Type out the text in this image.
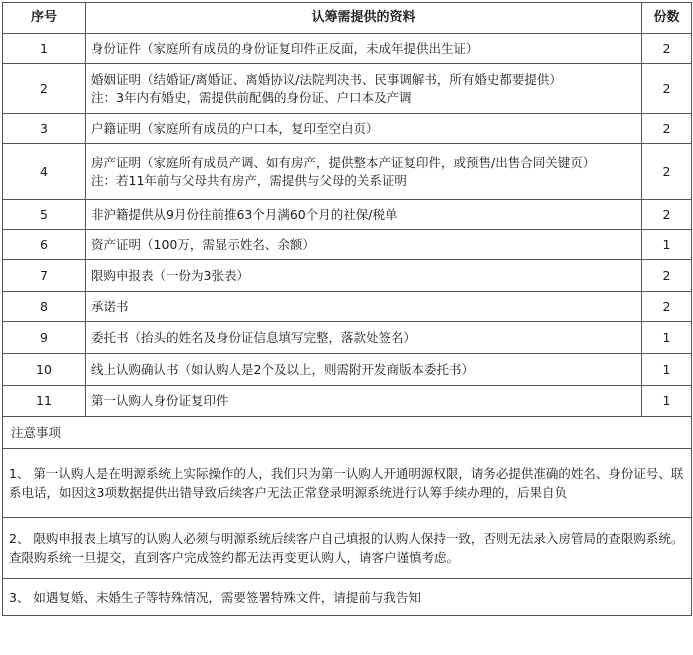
序号	认筹需提供的资料	份数
1	身份证件（家庭所有成员的身份证复印件正反面，未成年提供出生证）	2
2	婚姻证明（结婚证/离婚证、离婚协议/法院判决书、民事调解书，所有婚史都要提供）
注：3年内有婚史，需提供前配偶的身份证、户口本及产调	2
3	户籍证明（家庭所有成员的户口本，复印至空白页）	2
4	房产证明（家庭所有成员产调、如有房产，提供整本产证复印件，或预售/出售合同关键页）
注：若11年前与父母共有房产，需提供与父母的关系证明	2
5	非沪籍提供从9月份往前推63个月满60个月的社保/税单	2
6	资产证明（100万，需显示姓名、余额）	1
7	限购申报表（一份为3张表）	2
8	承诺书	2
9	委托书（抬头的姓名及身份证信息填写完整，落款处签名）	1
10	线上认购确认书（如认购人是2个及以上，则需附开发商版本委托书）	1
11	第一认购人身份证复印件	1
注意事项		
1、 第一认购人是在明源系统上实际操作的人，我们只为第一认购人开通明源权限，请务必提供准确的姓名、身份证号、联系电话，如因这3项数据提供出错导致后续客户无法正常登录明源系统进行认筹手续办理的，后果自负		
2、 限购申报表上填写的认购人必须与明源系统后续客户自己填报的认购人保持一致，否则无法录入房管局的查限购系统。查限购系统一旦提交，直到客户完成签约都无法再变更认购人，请客户谨慎考虑。		
3、 如遇复婚、未婚生子等特殊情况，需要签署特殊文件，请提前与我告知		
